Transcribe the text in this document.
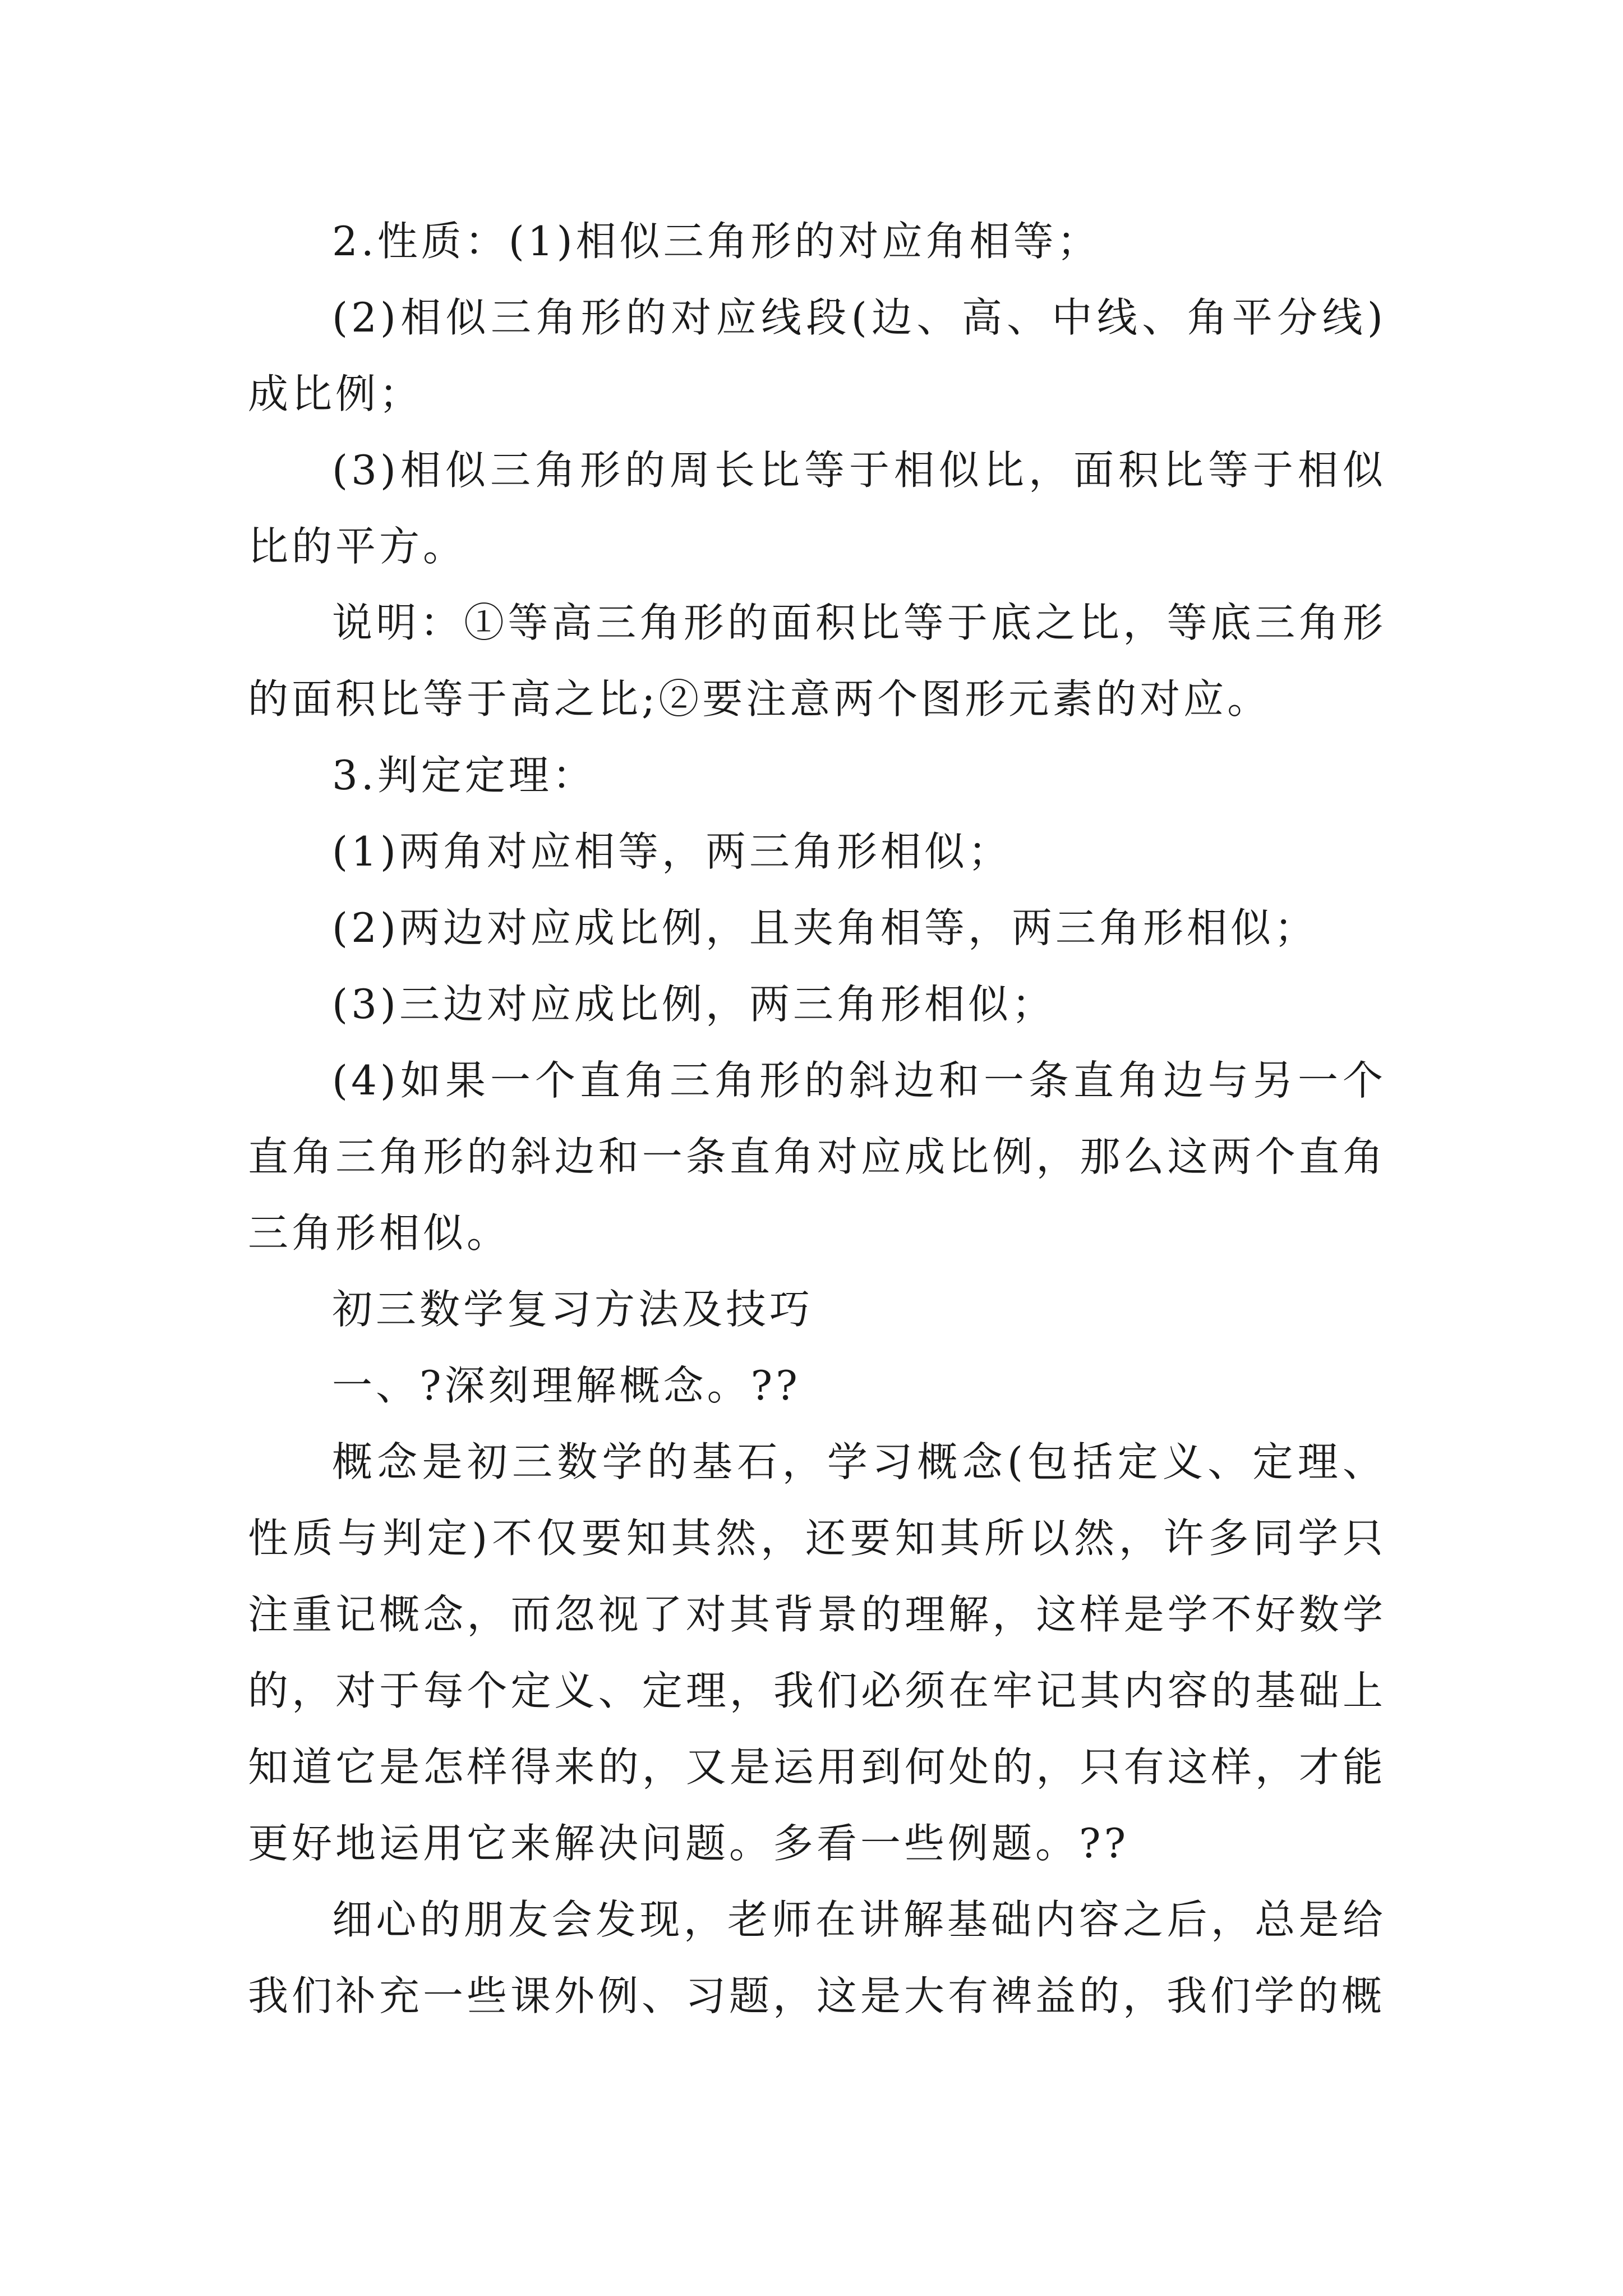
2.性质：(1)相似三角形的对应角相等；

(2)相似三角形的对应线段(边、高、中线、角平分线)成比例；

(3)相似三角形的周长比等于相似比，面积比等于相似比的平方。

说明：①等高三角形的面积比等于底之比，等底三角形的面积比等于高之比;②要注意两个图形元素的对应。

3.判定定理：

(1)两角对应相等，两三角形相似；

(2)两边对应成比例，且夹角相等，两三角形相似；

(3)三边对应成比例，两三角形相似；

(4)如果一个直角三角形的斜边和一条直角边与另一个直角三角形的斜边和一条直角对应成比例，那么这两个直角三角形相似。

初三数学复习方法及技巧

一、?深刻理解概念。??

概念是初三数学的基石，学习概念(包括定义、定理、性质与判定)不仅要知其然，还要知其所以然，许多同学只注重记概念，而忽视了对其背景的理解，这样是学不好数学的，对于每个定义、定理，我们必须在牢记其内容的基础上知道它是怎样得来的，又是运用到何处的，只有这样，才能更好地运用它来解决问题。多看一些例题。??

细心的朋友会发现，老师在讲解基础内容之后，总是给我们补充一些课外例、习题，这是大有裨益的，我们学的概
